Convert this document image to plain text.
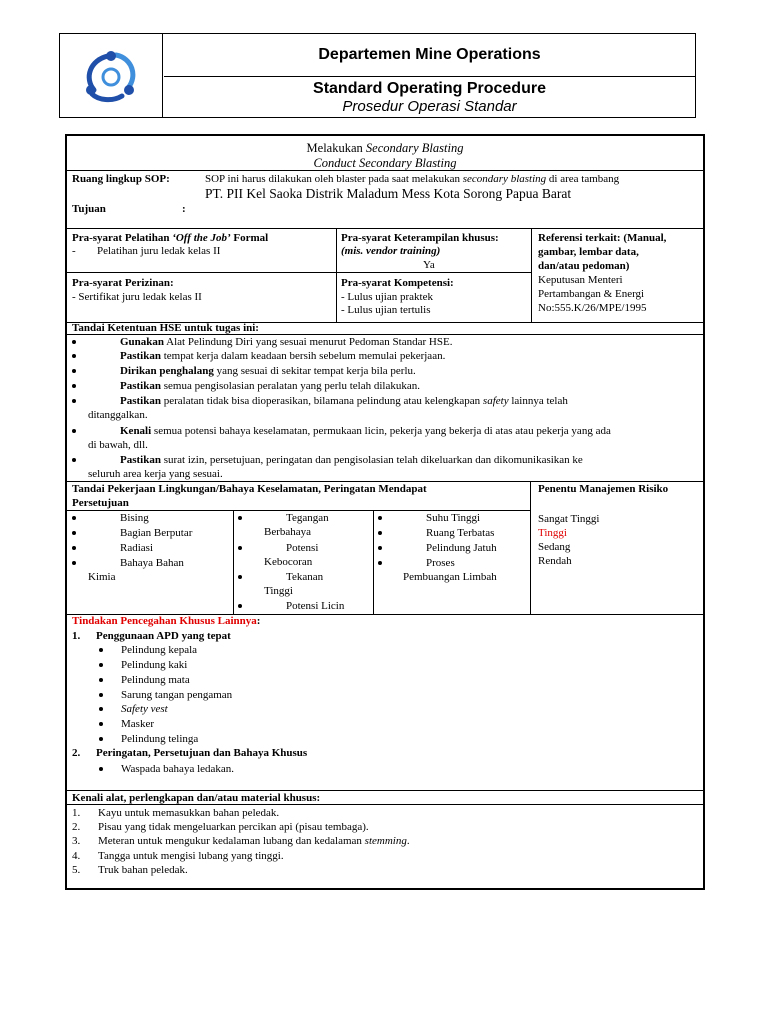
Departemen Mine Operations
Standard Operating Procedure
Prosedur Operasi Standar
Melakukan Secondary Blasting
Conduct Secondary Blasting
Ruang lingkup SOP:	SOP ini harus dilakukan oleh blaster pada saat melakukan secondary blasting di area tambang
PT. PII Kel Saoka Distrik Maladum Mess Kota Sorong Papua Barat
Tujuan	:
Pra-syarat Pelatihan ‘Off the Job’ Formal
- Pelatihan juru ledak kelas II
Pra-syarat Keterampilan khusus:
(mis. vendor training)
Ya
Referensi terkait: (Manual,
gambar, lembar data,
dan/atau pedoman)
Keputusan Menteri
Pertambangan & Energi
No:555.K/26/MPE/1995
Pra-syarat Perizinan:
- Sertifikat juru ledak kelas II
Pra-syarat Kompetensi:
- Lulus ujian praktek
- Lulus ujian tertulis
Tandai Ketentuan HSE untuk tugas ini:
Gunakan Alat Pelindung Diri yang sesuai menurut Pedoman Standar HSE.
Pastikan tempat kerja dalam keadaan bersih sebelum memulai pekerjaan.
Dirikan penghalang yang sesuai di sekitar tempat kerja bila perlu.
Pastikan semua pengisolasian peralatan yang perlu telah dilakukan.
Pastikan peralatan tidak bisa dioperasikan, bilamana pelindung atau kelengkapan safety lainnya telah
ditanggalkan.
Kenali semua potensi bahaya keselamatan, permukaan licin, pekerja yang bekerja di atas atau pekerja yang ada
di bawah, dll.
Pastikan surat izin, persetujuan, peringatan dan pengisolasian telah dikeluarkan dan dikomunikasikan ke
seluruh area kerja yang sesuai.
Tandai Pekerjaan Lingkungan/Bahaya Keselamatan, Peringatan Mendapat
Persetujuan
Penentu Manajemen Risiko
Bising
Bagian Berputar
Radiasi
Bahaya Bahan
Kimia
Tegangan
Berbahaya
Potensi
Kebocoran
Tekanan
Tinggi
Potensi Licin
Suhu Tinggi
Ruang Terbatas
Pelindung Jatuh
Proses
Pembuangan Limbah
Sangat Tinggi
Tinggi
Sedang
Rendah
Tindakan Pencegahan Khusus Lainnya:
1. Penggunaan APD yang tepat
Pelindung kepala
Pelindung kaki
Pelindung mata
Sarung tangan pengaman
Safety vest
Masker
Pelindung telinga
2. Peringatan, Persetujuan dan Bahaya Khusus
Waspada bahaya ledakan.
Kenali alat, perlengkapan dan/atau material khusus:
1. Kayu untuk memasukkan bahan peledak.
2. Pisau yang tidak mengeluarkan percikan api (pisau tembaga).
3. Meteran untuk mengukur kedalaman lubang dan kedalaman stemming.
4. Tangga untuk mengisi lubang yang tinggi.
5. Truk bahan peledak.
